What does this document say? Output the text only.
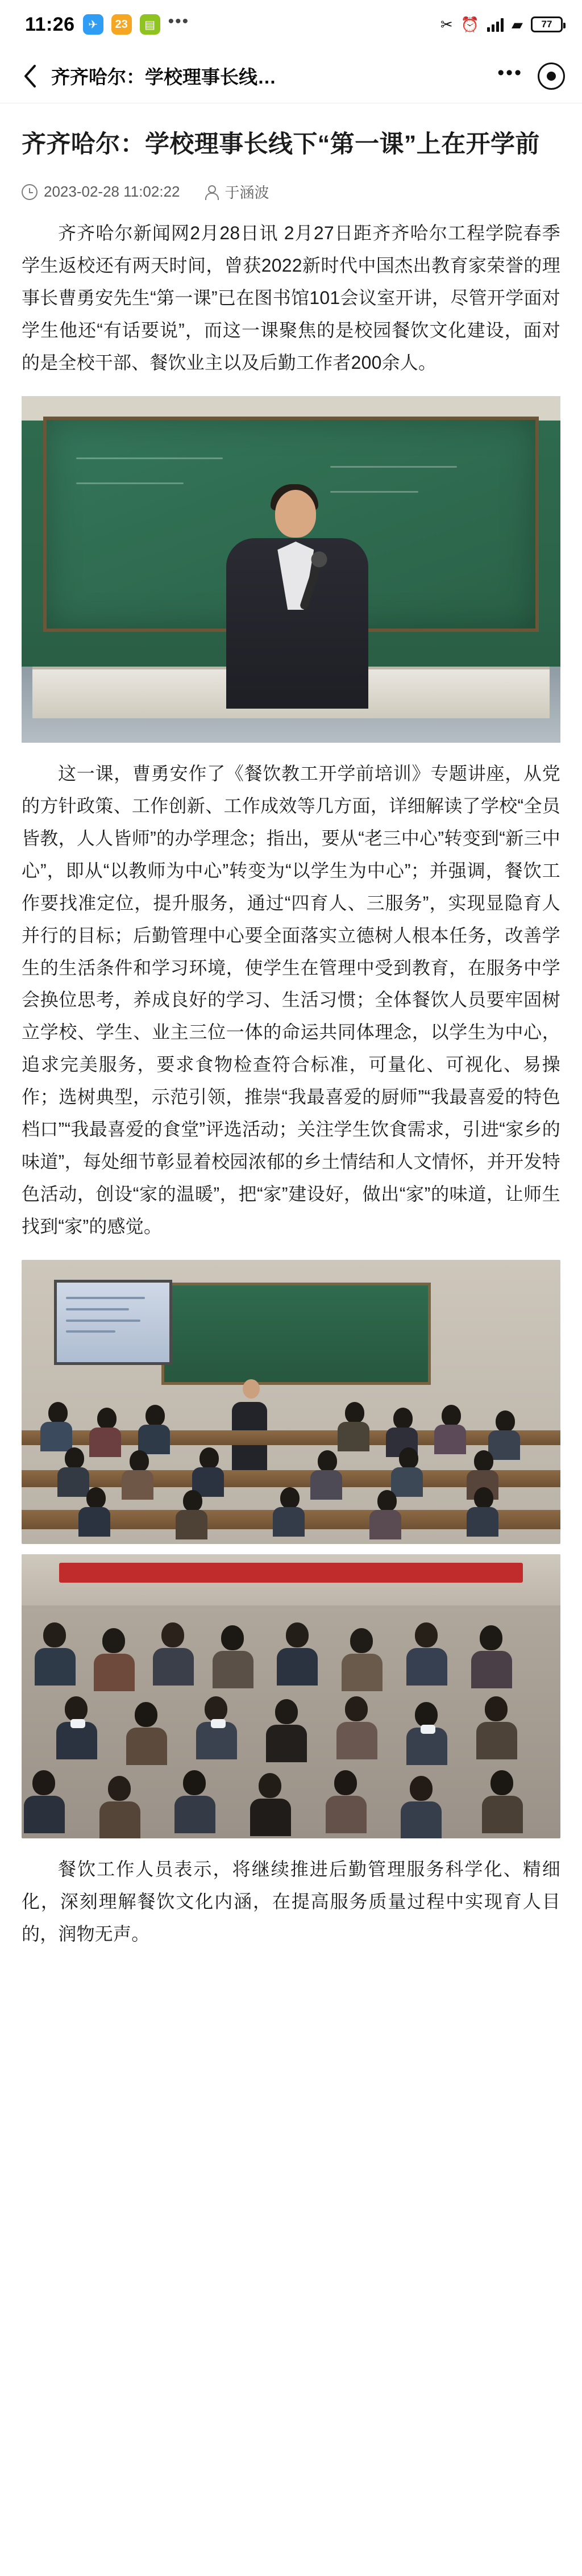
11:26	✈	23	▤ •••	✂ ⏰ ▰	77
齐齐哈尔：学校理事长线…	•••
齐齐哈尔：学校理事长线下“第一课”上在开学前
2023-02-28 11:02:22	于涵波

齐齐哈尔新闻网2月28日讯 2月27日距齐齐哈尔工程学院春季学生返校还有两天时间，曾获2022新时代中国杰出教育家荣誉的理事长曹勇安先生“第一课”已在图书馆101会议室开讲，尽管开学面对学生他还“有话要说”，而这一课聚焦的是校园餐饮文化建设，面对的是全校干部、餐饮业主以及后勤工作者200余人。

这一课，曹勇安作了《餐饮教工开学前培训》专题讲座，从党的方针政策、工作创新、工作成效等几方面，详细解读了学校“全员皆教，人人皆师”的办学理念；指出，要从“老三中心”转变到“新三中心”，即从“以教师为中心”转变为“以学生为中心”；并强调，餐饮工作要找准定位，提升服务，通过“四育人、三服务”，实现显隐育人并行的目标；后勤管理中心要全面落实立德树人根本任务，改善学生的生活条件和学习环境，使学生在管理中受到教育，在服务中学会换位思考，养成良好的学习、生活习惯；全体餐饮人员要牢固树立学校、学生、业主三位一体的命运共同体理念，以学生为中心，追求完美服务，要求食物检查符合标准，可量化、可视化、易操作；选树典型，示范引领，推崇“我最喜爱的厨师”“我最喜爱的特色档口”“我最喜爱的食堂”评选活动；关注学生饮食需求，引进“家乡的味道”，每处细节彰显着校园浓郁的乡土情结和人文情怀，并开发特色活动，创设“家的温暖”，把“家”建设好，做出“家”的味道，让师生找到“家”的感觉。

餐饮工作人员表示，将继续推进后勤管理服务科学化、精细化，深刻理解餐饮文化内涵，在提高服务质量过程中实现育人目的，润物无声。
